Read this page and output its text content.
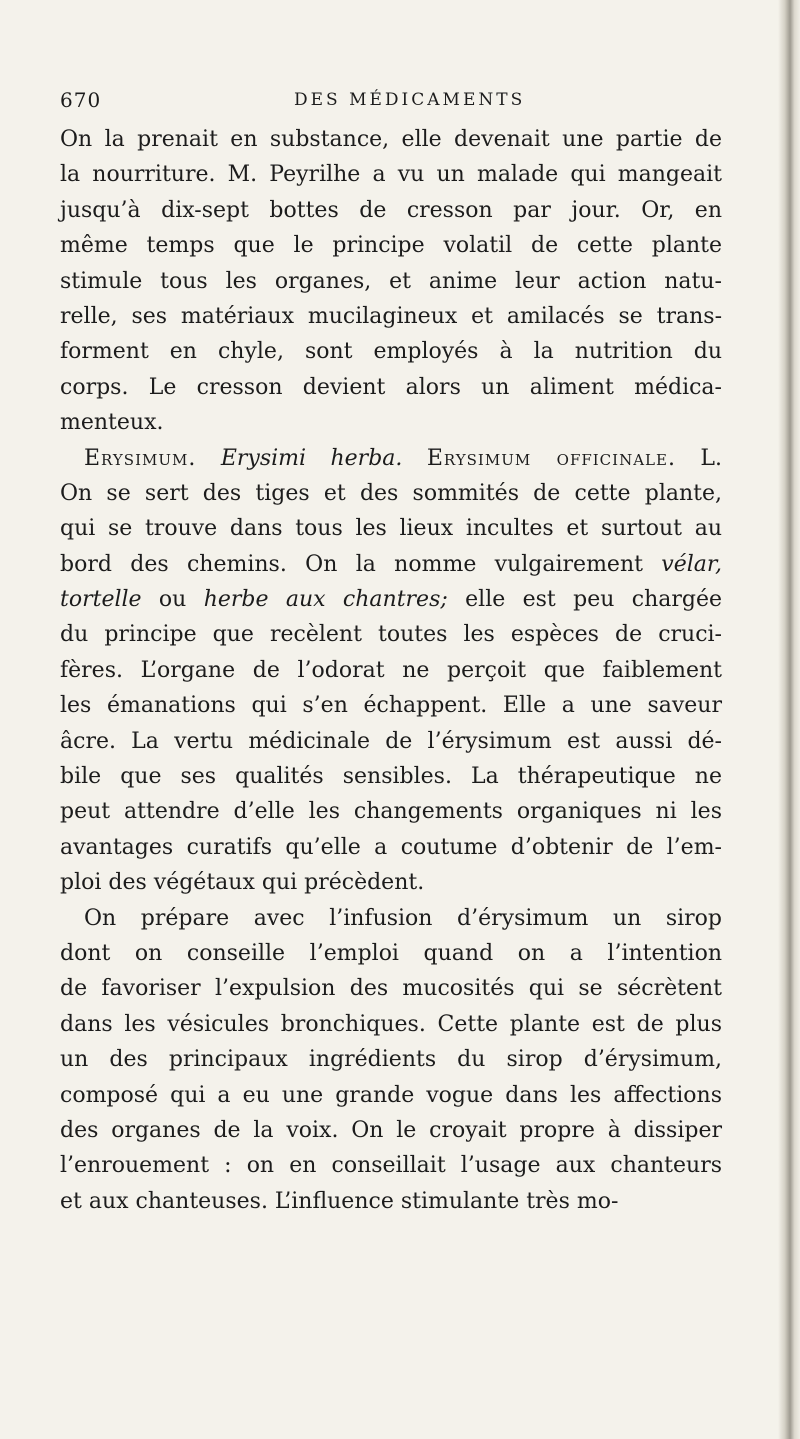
670	DES MÉDICAMENTS
On la prenait en substance, elle devenait une partie de
la nourriture. M. Peyrilhe a vu un malade qui mangeait
jusqu’à dix-sept bottes de cresson par jour. Or, en
même temps que le principe volatil de cette plante
stimule tous les organes, et anime leur action natu-
relle, ses matériaux mucilagineux et amilacés se trans-
forment en chyle, sont employés à la nutrition du
corps. Le cresson devient alors un aliment médica-
menteux.
Erysimum. Erysimi herba. Erysimum officinale. L.
On se sert des tiges et des sommités de cette plante,
qui se trouve dans tous les lieux incultes et surtout au
bord des chemins. On la nomme vulgairement vélar,
tortelle ou herbe aux chantres; elle est peu chargée
du principe que recèlent toutes les espèces de cruci-
fères. L’organe de l’odorat ne perçoit que faiblement
les émanations qui s’en échappent. Elle a une saveur
âcre. La vertu médicinale de l’érysimum est aussi dé-
bile que ses qualités sensibles. La thérapeutique ne
peut attendre d’elle les changements organiques ni les
avantages curatifs qu’elle a coutume d’obtenir de l’em-
ploi des végétaux qui précèdent.
On prépare avec l’infusion d’érysimum un sirop
dont on conseille l’emploi quand on a l’intention
de favoriser l’expulsion des mucosités qui se sécrètent
dans les vésicules bronchiques. Cette plante est de plus
un des principaux ingrédients du sirop d’érysimum,
composé qui a eu une grande vogue dans les affections
des organes de la voix. On le croyait propre à dissiper
l’enrouement : on en conseillait l’usage aux chanteurs
et aux chanteuses. L’influence stimulante très mo-
